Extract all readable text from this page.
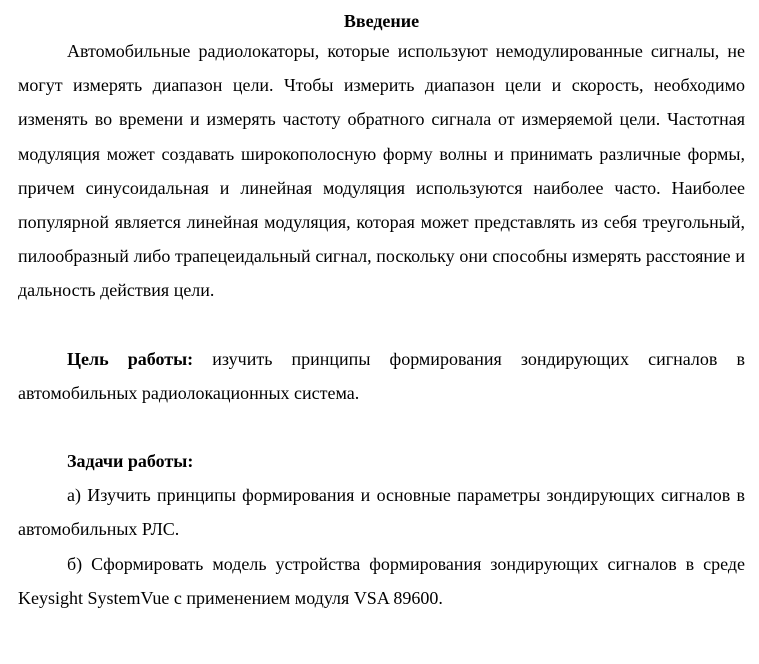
Введение

Автомобильные радиолокаторы, которые используют немодулированные сигналы, не могут измерять диапазон цели. Чтобы измерить диапазон цели и скорость, необходимо изменять во времени и измерять частоту обратного сигнала от измеряемой цели. Частотная модуляция может создавать широкополосную форму волны и принимать различные формы, причем синусоидальная и линейная модуляция используются наиболее часто. Наиболее популярной является линейная модуляция, которая может представлять из себя треугольный, пилообразный либо трапецеидальный сигнал, поскольку они способны измерять расстояние и дальность действия цели.

Цель работы: изучить принципы формирования зондирующих сигналов в автомобильных радиолокационных система.

Задачи работы:

а) Изучить принципы формирования и основные параметры зондирующих сигналов в автомобильных РЛС.

б) Сформировать модель устройства формирования зондирующих сигналов в среде Keysight SystemVue с применением модуля VSA 89600.
